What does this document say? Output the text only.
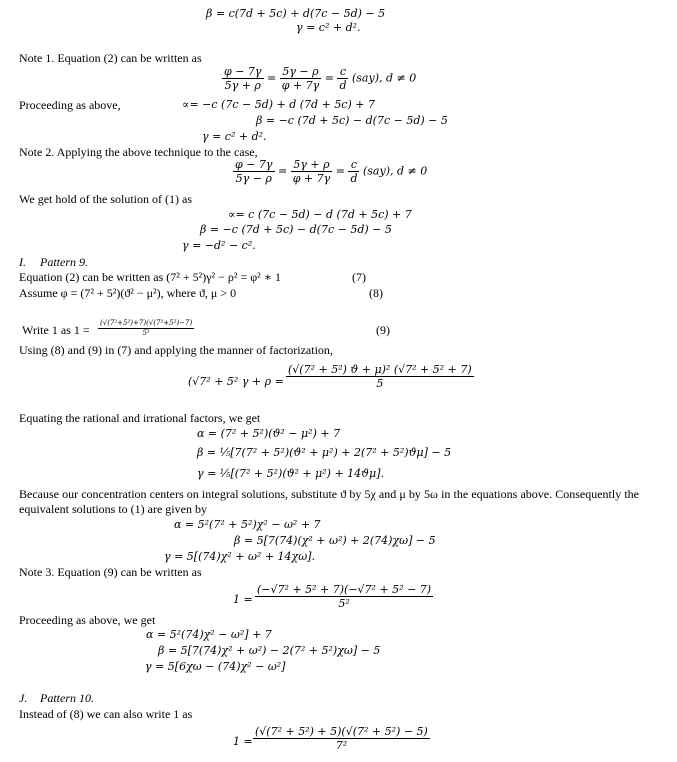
β = c(7d + 5c) + d(7c − 5d) − 5
γ = c² + d².
Note 1. Equation (2) can be written as
$\frac{\varphi - 7\gamma}{5\gamma + \rho} = \frac{5\gamma - \rho}{\varphi + 7\gamma} = \frac{c}{d} (say)$, d ≠ 0
Proceeding as above,	∝= −c (7c − 5d) + d (7d + 5c) + 7
β = −c (7d + 5c) − d(7c − 5d) − 5
γ = c² + d².
Note 2. Applying the above technique to the case,
$\frac{\varphi - 7\gamma}{5\gamma - \rho} = \frac{5\gamma + \rho}{\varphi + 7\gamma} = \frac{c}{d} (say)$, d ≠ 0
We get hold of the solution of (1) as
∝= c (7c − 5d) − d (7d + 5c) + 7
β = −c (7d + 5c) − d(7c − 5d) − 5
γ = −d² − c².
I. Pattern 9.
Equation (2) can be written as (7² + 5²)γ² − ρ² = φ² ∗ 1	(7)
Assume φ = (7² + 5²)(ϑ² − μ²), where ϑ, μ > 0	(8)
Write 1 as $1 = \frac{\text{(√(7²+5²)+7)(√(7²+5²)−7)}}{\text{5²}}$	(9)
Using (8) and (9) in (7) and applying the manner of factorization,
(√7² + 5² $\gamma + \rho = \frac{\text{(√(7² + 5²) ϑ + μ)² (√7² + 5² + 7)}}{5}$
Equating the rational and irrational factors, we get
α = (7² + 5²)(ϑ² − μ²) + 7
β = ⅕[7(7² + 5²)(ϑ² + μ²) + 2(7² + 5²)ϑμ] − 5
γ = ⅕[(7² + 5²)(ϑ² + μ²) + 14ϑμ].
Because our concentration centers on integral solutions, substitute ϑ by 5χ and μ by 5ω in the equations above. Consequently the equivalent solutions to (1) are given by
α = 5²(7² + 5²)χ² − ω² + 7
β = 5[7(74)(χ² + ω²) + 2(74)χω] − 5
γ = 5[(74)χ² + ω² + 14χω].
Note 3. Equation (9) can be written as
$1 = \frac{\text{(−√7² + 5² + 7)(−√7² + 5² − 7)}}{\text{5²}}$
Proceeding as above, we get
α = 5²(74)χ² − ω²] + 7
β = 5[7(74)χ² + ω²) − 2(7² + 5²)χω] − 5
γ = 5[6χω − (74)χ² − ω²]
J. Pattern 10.
Instead of (8) we can also write 1 as
$1 = \frac{\text{(√(7² + 5²) + 5)(√(7² + 5²) − 5)}}{\text{7²}}$
